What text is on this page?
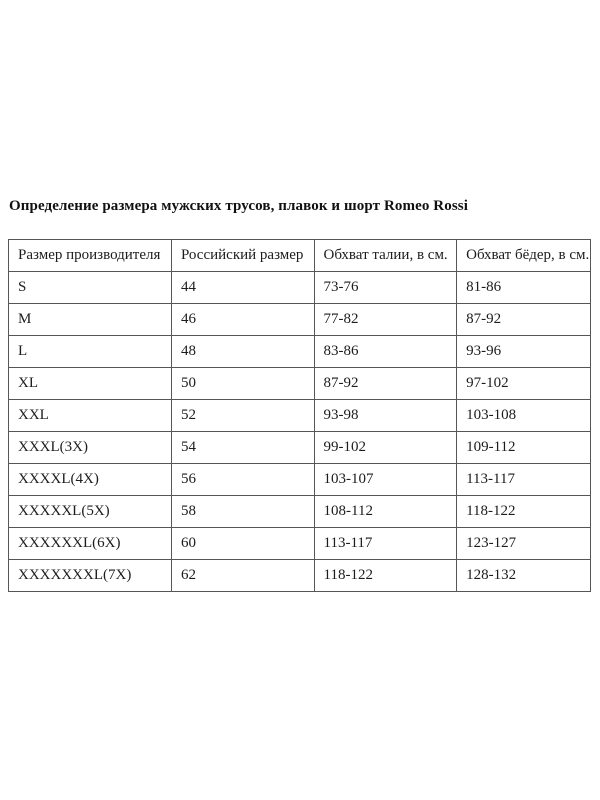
Определение размера мужских трусов, плавок и шорт Romeo Rossi

Размер производителя	Российский размер	Обхват талии, в см.	Обхват бёдер, в см.
S	44	73-76	81-86
M	46	77-82	87-92
L	48	83-86	93-96
XL	50	87-92	97-102
XXL	52	93-98	103-108
XXXL(3X)	54	99-102	109-112
XXXXL(4X)	56	103-107	113-117
XXXXXL(5X)	58	108-112	118-122
XXXXXXL(6X)	60	113-117	123-127
XXXXXXXL(7X)	62	118-122	128-132
